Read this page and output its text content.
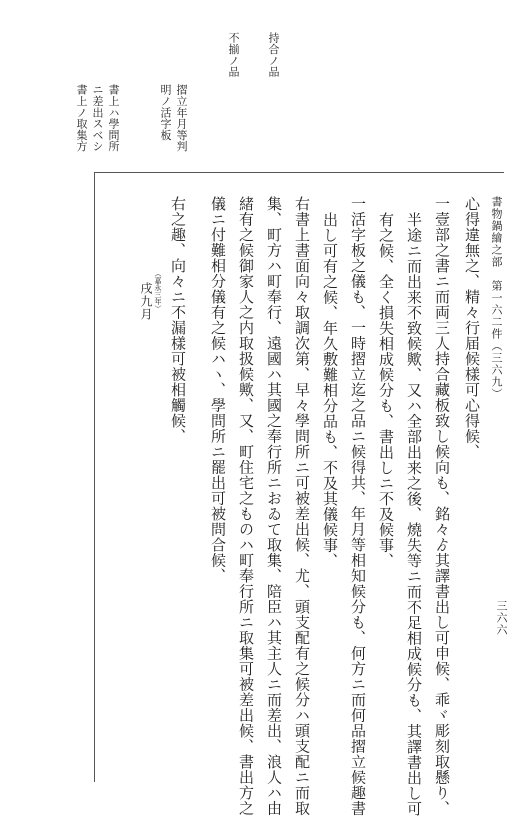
書物鍋繪之部　第一六二件（三六九）
三六六
持合ノ品
不揃ノ品
摺立年月等判
明ノ活字板
書上ハ學問所
ニ差出スベシ
書上ノ取集方
心得違無之、精々行届候樣可心得候、
一壹部之書ニ而両三人持合藏板致し候向も、銘々ゟ其譯書出し可申候、乖ヾ彫刻取懸り、
半途ニ而出来不致候歟、又ハ全部出来之後、燒失等ニ而不足相成候分も、其譯書出し可
有之候、全く損失相成候分も、書出しニ不及候事、
一活字板之儀も、一時摺立迄之品ニ候得共、年月等相知候分も、何方ニ而何品摺立候趣書
出し可有之候、年久敷難相分品も、不及其儀候事、
右書上書面向々取調次第、早々學問所ニ可被差出候、尤、頭支配有之候分ハ頭支配ニ而取
集、町方ハ町奉行、遠國ハ其國之奉行所ニおゐて取集、陪臣ハ其主人ニ而差出、浪人ハ由
緒有之候御家人之内取扱候歟、又、町住宅之ものハ町奉行所ニ取集可被差出候、書出方之
儀ニ付難相分儀有之候ハヽ、學問所ニ罷出可被問合候、
右之趣、向々ニ不漏樣可被相觸候、
（嘉永三年）
戌九月
